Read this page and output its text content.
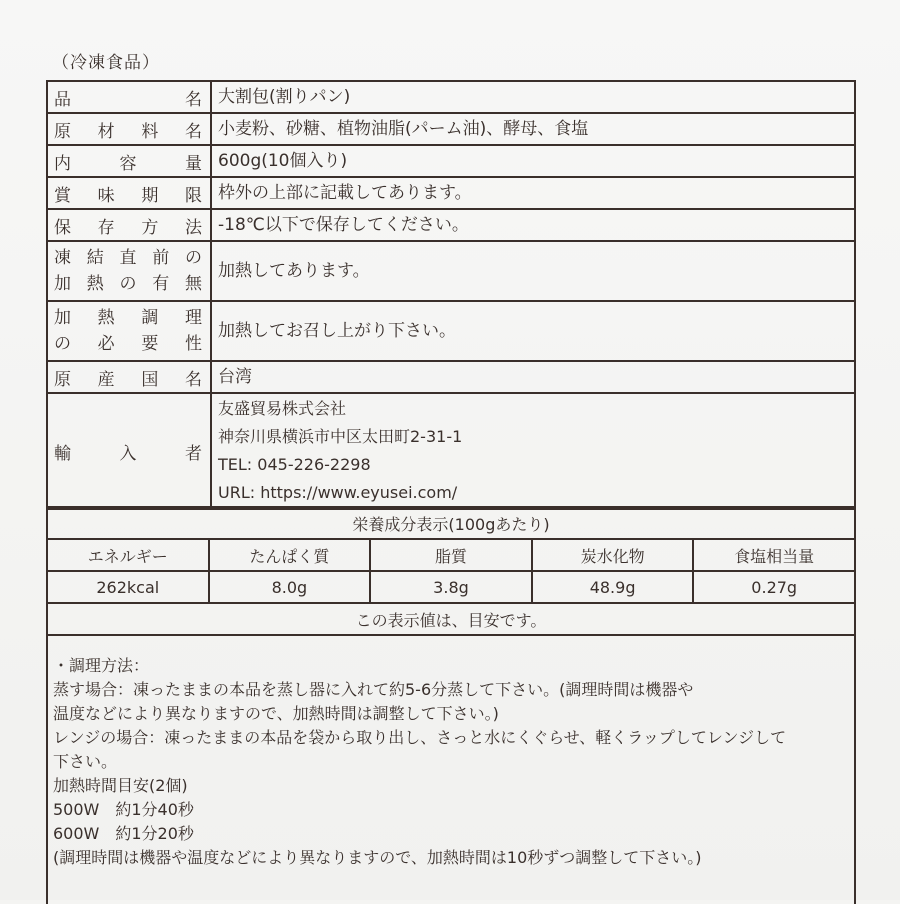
（冷凍食品）
品名	大割包(割りパン)
原材料名	小麦粉、砂糖、植物油脂(パーム油)、酵母、食塩
内容量	600g(10個入り)
賞味期限	枠外の上部に記載してあります。
保存方法	-18℃以下で保存してください。

凍結直前の
加熱の有無	加熱してあります。

加熱調理
の必要性	加熱してお召し上がり下さい。
原産国名	台湾
輸入者	友盛貿易株式会社
神奈川県横浜市中区太田町2-31-1
TEL: 045-226-2298
URL: https://www.eyusei.com/
栄養成分表示(100gあたり)				
エネルギー	たんぱく質	脂質	炭水化物	食塩相当量
262kcal	8.0g	3.8g	48.9g	0.27g
この表示値は、目安です。				
・調理方法：
蒸す場合：凍ったままの本品を蒸し器に入れて約5-6分蒸して下さい。(調理時間は機器や
温度などにより異なりますので、加熱時間は調整して下さい。)
レンジの場合：凍ったままの本品を袋から取り出し、さっと水にくぐらせ、軽くラップしてレンジして
下さい。
加熱時間目安(2個)
500W　約1分40秒
600W　約1分20秒
(調理時間は機器や温度などにより異なりますので、加熱時間は10秒ずつ調整して下さい。)
